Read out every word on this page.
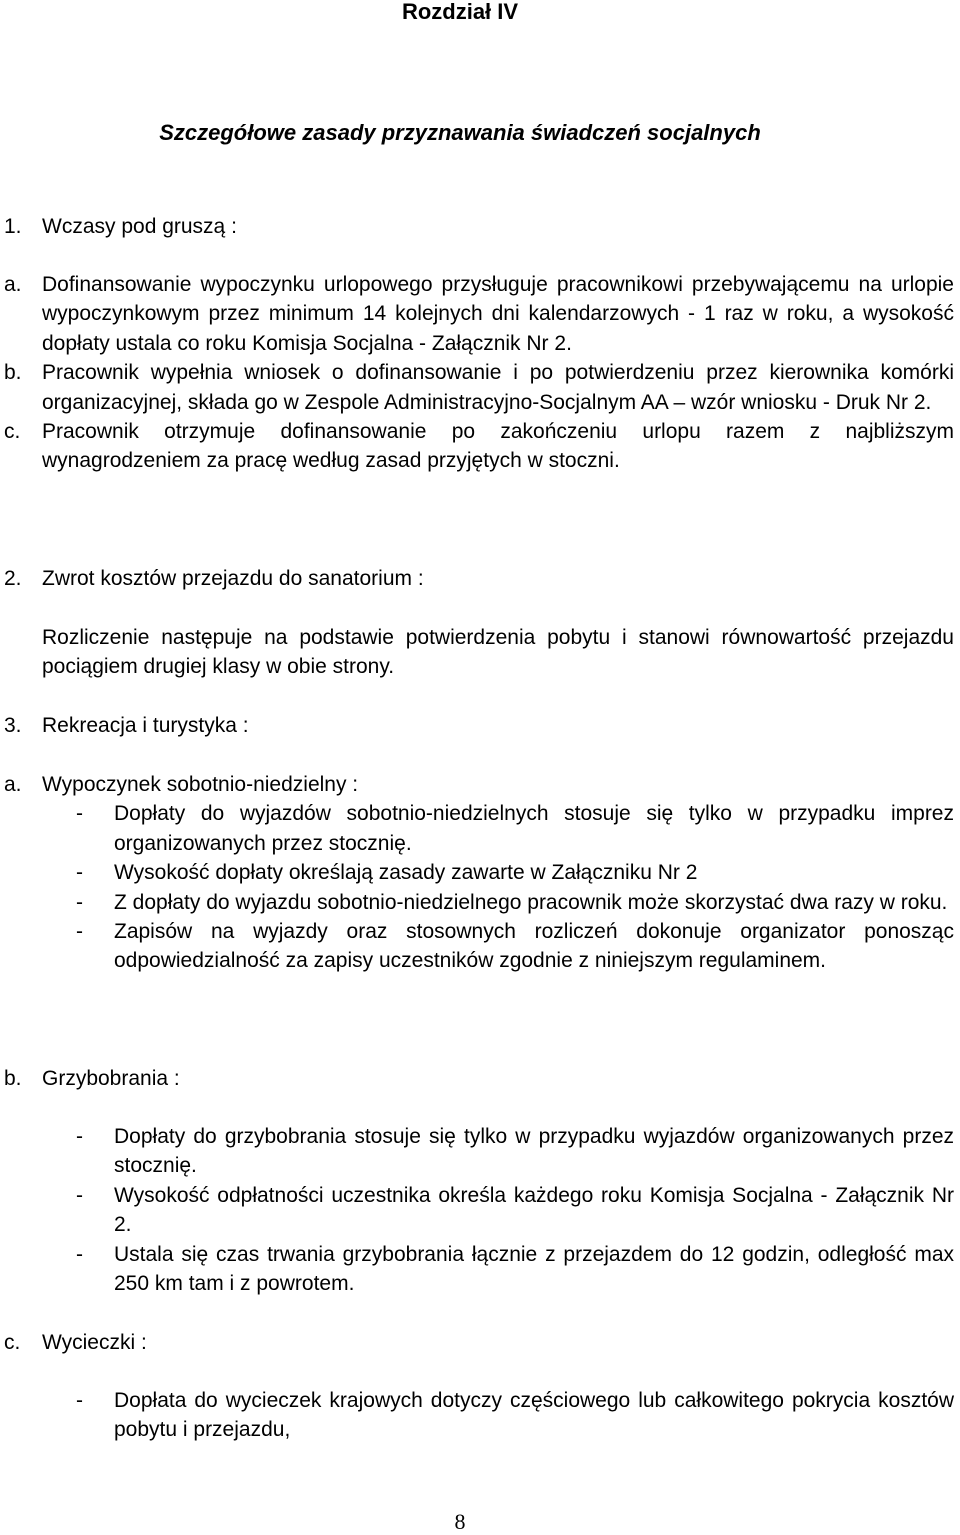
Rozdział IV
Szczegółowe zasady przyznawania świadczeń socjalnych
1. Wczasy pod gruszą :
a. Dofinansowanie wypoczynku urlopowego przysługuje pracownikowi przebywającemu na urlopie wypoczynkowym przez minimum 14 kolejnych dni kalendarzowych - 1 raz w roku, a wysokość dopłaty ustala co roku Komisja Socjalna - Załącznik Nr 2.
b. Pracownik wypełnia wniosek o dofinansowanie i po potwierdzeniu przez kierownika komórki organizacyjnej, składa go w Zespole Administracyjno-Socjalnym AA – wzór wniosku - Druk Nr 2.
c.	Pracownik otrzymuje dofinansowanie po zakończeniu urlopu razem z najbliższym wynagrodzeniem za pracę według zasad przyjętych w stoczni.
2. Zwrot kosztów przejazdu do sanatorium :
Rozliczenie następuje na podstawie potwierdzenia pobytu i stanowi równowartość przejazdu pociągiem drugiej klasy w obie strony.
3. Rekreacja i turystyka :
a. Wypoczynek sobotnio-niedzielny :
-	Dopłaty do wyjazdów sobotnio-niedzielnych stosuje się tylko w przypadku imprez organizowanych przez stocznię.
-	Wysokość dopłaty określają zasady zawarte w Załączniku Nr 2
-	Z dopłaty do wyjazdu sobotnio-niedzielnego pracownik może skorzystać dwa razy w roku.
-	Zapisów na wyjazdy oraz stosownych rozliczeń dokonuje organizator ponosząc odpowiedzialność za zapisy uczestników zgodnie z niniejszym regulaminem.
b. Grzybobrania :
-	Dopłaty do grzybobrania stosuje się tylko w przypadku wyjazdów organizowanych przez stocznię.
-	Wysokość odpłatności uczestnika określa każdego roku Komisja Socjalna - Załącznik Nr 2.
-	Ustala się czas trwania grzybobrania łącznie z przejazdem do 12 godzin, odległość max 250 km tam i z powrotem.
c.	Wycieczki :
-	Dopłata do wycieczek krajowych dotyczy częściowego lub całkowitego pokrycia kosztów pobytu i przejazdu,
8
